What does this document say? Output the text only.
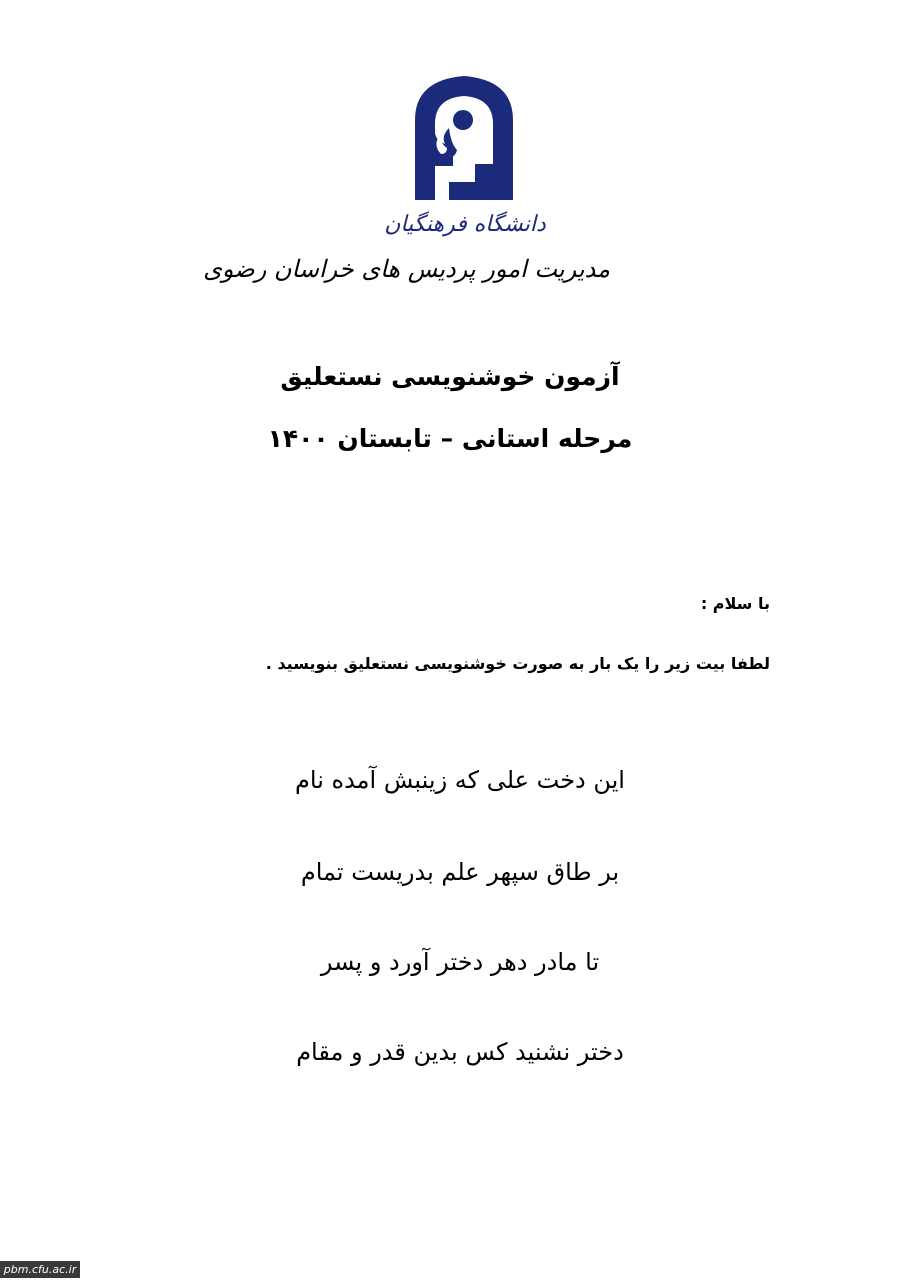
دانشگاه فرهنگیان
مدیریت امور پردیس های خراسان رضوی
آزمون خوشنویسی نستعلیق
مرحله استانی – تابستان ۱۴۰۰
با سلام :
لطفا بیت زیر را یک بار به صورت خوشنویسی نستعلیق بنویسید .
این دخت علی که زینبش آمده نام
بر طاق سپهر علم بدریست تمام
تا مادر دهر دختر آورد و پسر
دختر نشنید کس بدین قدر و مقام
pbm.cfu.ac.ir
